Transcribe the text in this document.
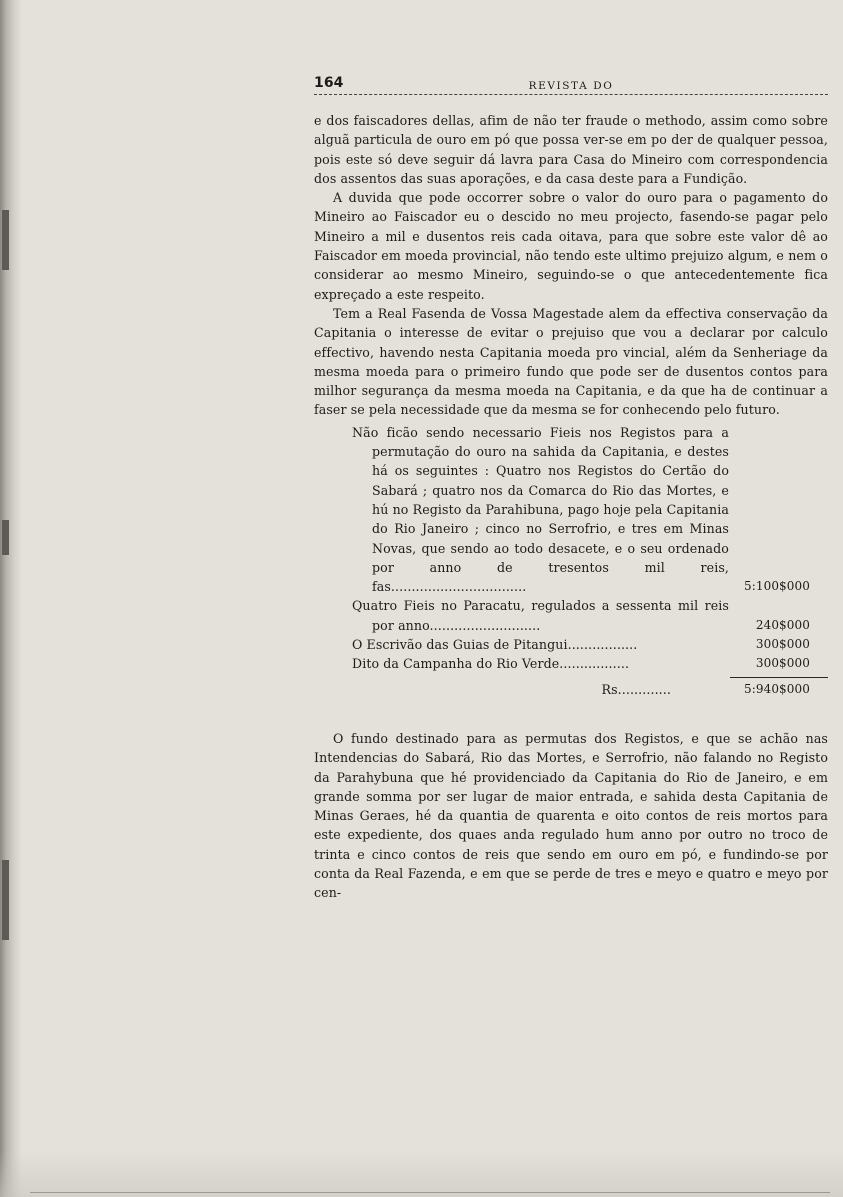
164	REVISTA DO

e dos faiscadores dellas, afim de não ter fraude o methodo, assim como sobre alguã particula de ouro em pó que possa ver-se em po der de qualquer pessoa, pois este só deve seguir dá lavra para Casa do Mineiro com correspondencia dos assentos das suas aporações, e da casa deste para a Fundição.

A duvida que pode occorrer sobre o valor do ouro para o pagamento do Mineiro ao Faiscador eu o descido no meu projecto, fasendo-se pagar pelo Mineiro a mil e dusentos reis cada oitava, para que sobre este valor dê ao Faiscador em moeda provincial, não tendo este ultimo prejuizo algum, e nem o considerar ao mesmo Mineiro, seguindo-se o que antecedentemente fica expreçado a este respeito.

Tem a Real Fasenda de Vossa Magestade alem da effectiva conservação da Capitania o interesse de evitar o prejuiso que vou a declarar por calculo effectivo, havendo nesta Capitania moeda pro vincial, além da Senheriage da mesma moeda para o primeiro fundo que pode ser de dusentos contos para milhor segurança da mesma moeda na Capitania, e da que ha de continuar a faser se pela necessidade que da mesma se for conhecendo pelo futuro.

Não ficão sendo necessario Fieis nos Registos para a permutação do ouro na sahida da Capitania, e destes há os seguintes : Quatro nos Registos do Certão do Sabará ; quatro nos da Comarca do Rio das Mortes, e hú no Registo da Parahibuna, pago hoje pela Capitania do Rio Janeiro ; cinco no Serrofrio, e tres em Minas Novas, que sendo ao todo desacete, e o seu ordenado por anno de tresentos mil reis, fas.................................	5:100$000
Quatro Fieis no Paracatu, regulados a sessenta mil reis por anno...........................	240$000
O Escrivão das Guias de Pitangui.................	300$000
Dito da Campanha do Rio Verde.................	300$000
Rs.............	5:940$000

O fundo destinado para as permutas dos Registos, e que se achão nas Intendencias do Sabará, Rio das Mortes, e Serrofrio, não falando no Registo da Parahybuna que hé providenciado da Capitania do Rio de Janeiro, e em grande somma por ser lugar de maior entrada, e sahida desta Capitania de Minas Geraes, hé da quantia de quarenta e oito contos de reis mortos para este expediente, dos quaes anda regulado hum anno por outro no troco de trinta e cinco contos de reis que sendo em ouro em pó, e fundindo-se por conta da Real Fazenda, e em que se perde de tres e meyo e quatro e meyo por cen-
